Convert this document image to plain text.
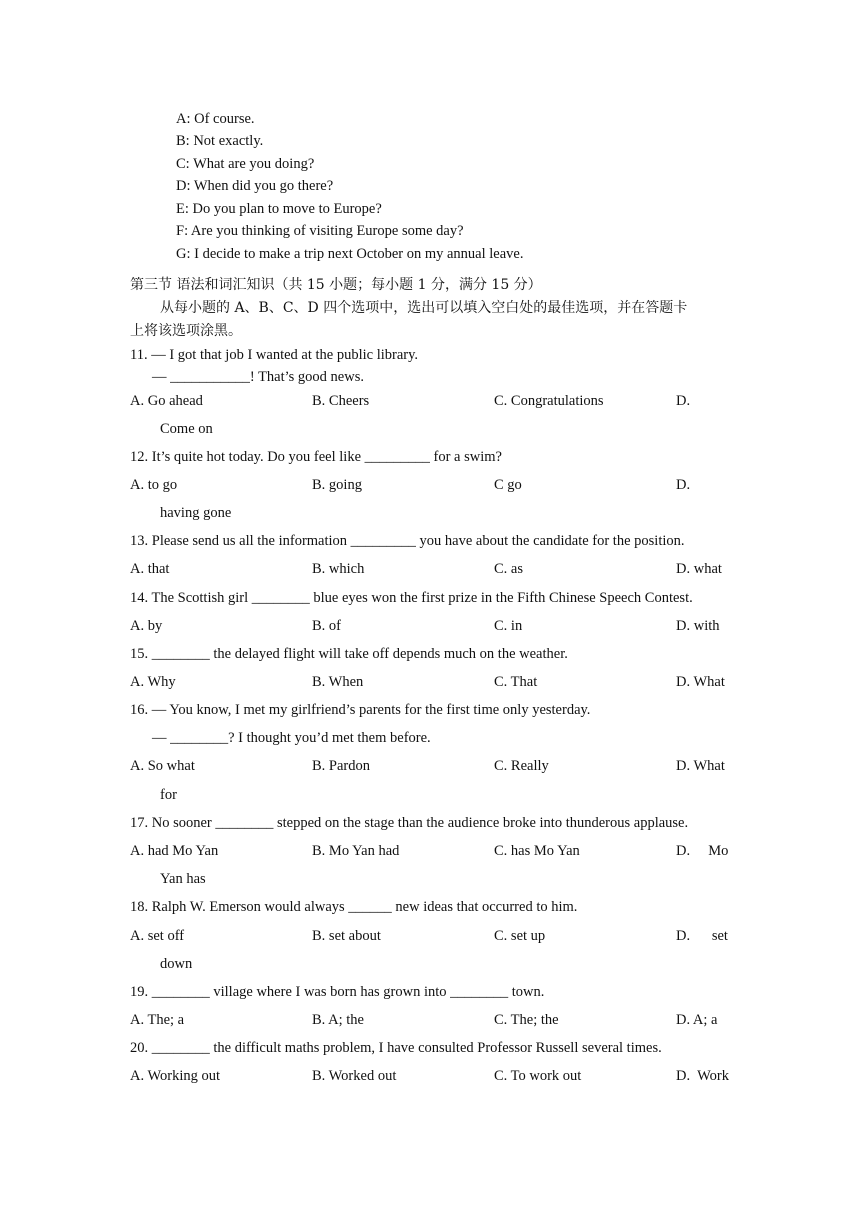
A: Of course.
B: Not exactly.
C: What are you doing?
D: When did you go there?
E: Do you plan to move to Europe?
F: Are you thinking of visiting Europe some day?
G: I decide to make a trip next October on my annual leave.
第三节 语法和词汇知识（共 15 小题；每小题 1 分，满分 15 分）
从每小题的 A、B、C、D 四个选项中，选出可以填入空白处的最佳选项，并在答题卡
上将该选项涂黑。
11. — I got that job I wanted at the public library.
— ___________! That’s good news.
A. Go ahead	B. Cheers	C. Congratulations	D.
Come on
12. It’s quite hot today. Do you feel like _________ for a swim?
A. to go	B. going	C go	D.
having gone
13. Please send us all the information _________ you have about the candidate for the position.
A. that	B. which	C. as	D. what
14. The Scottish girl ________ blue eyes won the first prize in the Fifth Chinese Speech Contest.
A. by	B. of	C. in	D. with
15. ________ the delayed flight will take off depends much on the weather.
A. Why	B. When	C. That	D. What
16. — You know, I met my girlfriend’s parents for the first time only yesterday.
— ________? I thought you’d met them before.
A. So what	B. Pardon	C. Really	D. What
for
17. No sooner ________ stepped on the stage than the audience broke into thunderous applause.
A. had Mo Yan	B. Mo Yan had	C. has Mo Yan	D.     Mo
Yan has
18. Ralph W. Emerson would always ______ new ideas that occurred to him.
A. set off	B. set about	C. set up	D.      set
down
19. ________ village where I was born has grown into ________ town.
A. The; a	B. A; the	C. The; the	D. A; a
20. ________ the difficult maths problem, I have consulted Professor Russell several times.
A. Working out	B. Worked out	C. To work out	D.  Work
